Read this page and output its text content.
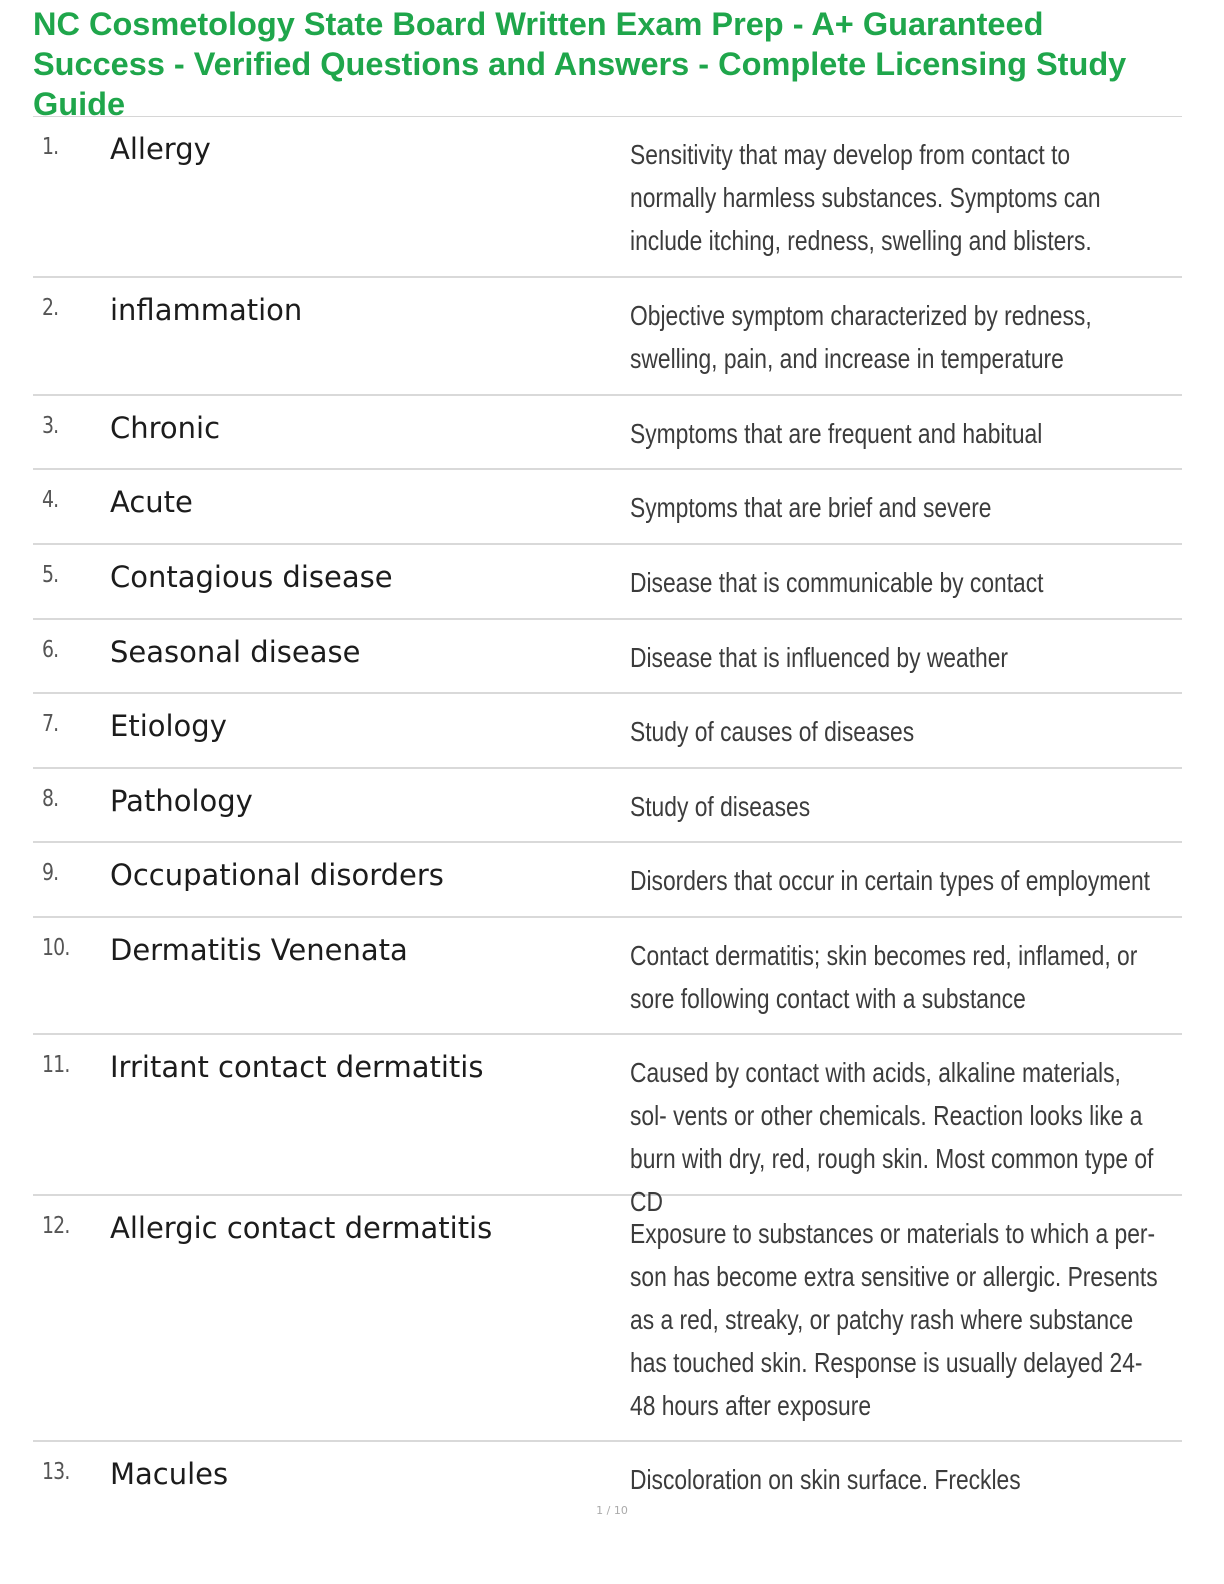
NC Cosmetology State Board Written Exam Prep - A+ Guaranteed Success - Verified Questions and Answers - Complete Licensing Study Guide
1. Allergy	Sensitivity that may develop from contact to normally harmless substances. Symptoms can include itching, redness, swelling and blisters.
2. inflammation	Objective symptom characterized by redness, swelling, pain, and increase in temperature
3. Chronic	Symptoms that are frequent and habitual
4. Acute	Symptoms that are brief and severe
5. Contagious disease	Disease that is communicable by contact
6. Seasonal disease	Disease that is influenced by weather
7. Etiology	Study of causes of diseases
8. Pathology	Study of diseases
9. Occupational disorders	Disorders that occur in certain types of employment
10. Dermatitis Venenata	Contact dermatitis; skin becomes red, inflamed, or sore following contact with a substance
11. Irritant contact dermatitis	Caused by contact with acids, alkaline materials, sol- vents or other chemicals. Reaction looks like a burn with dry, red, rough skin. Most common type of CD
12. Allergic contact dermatitis	Exposure to substances or materials to which a per- son has become extra sensitive or allergic. Presents as a red, streaky, or patchy rash where substance has touched skin. Response is usually delayed 24-48 hours after exposure
13. Macules	Discoloration on skin surface. Freckles
1 / 10
